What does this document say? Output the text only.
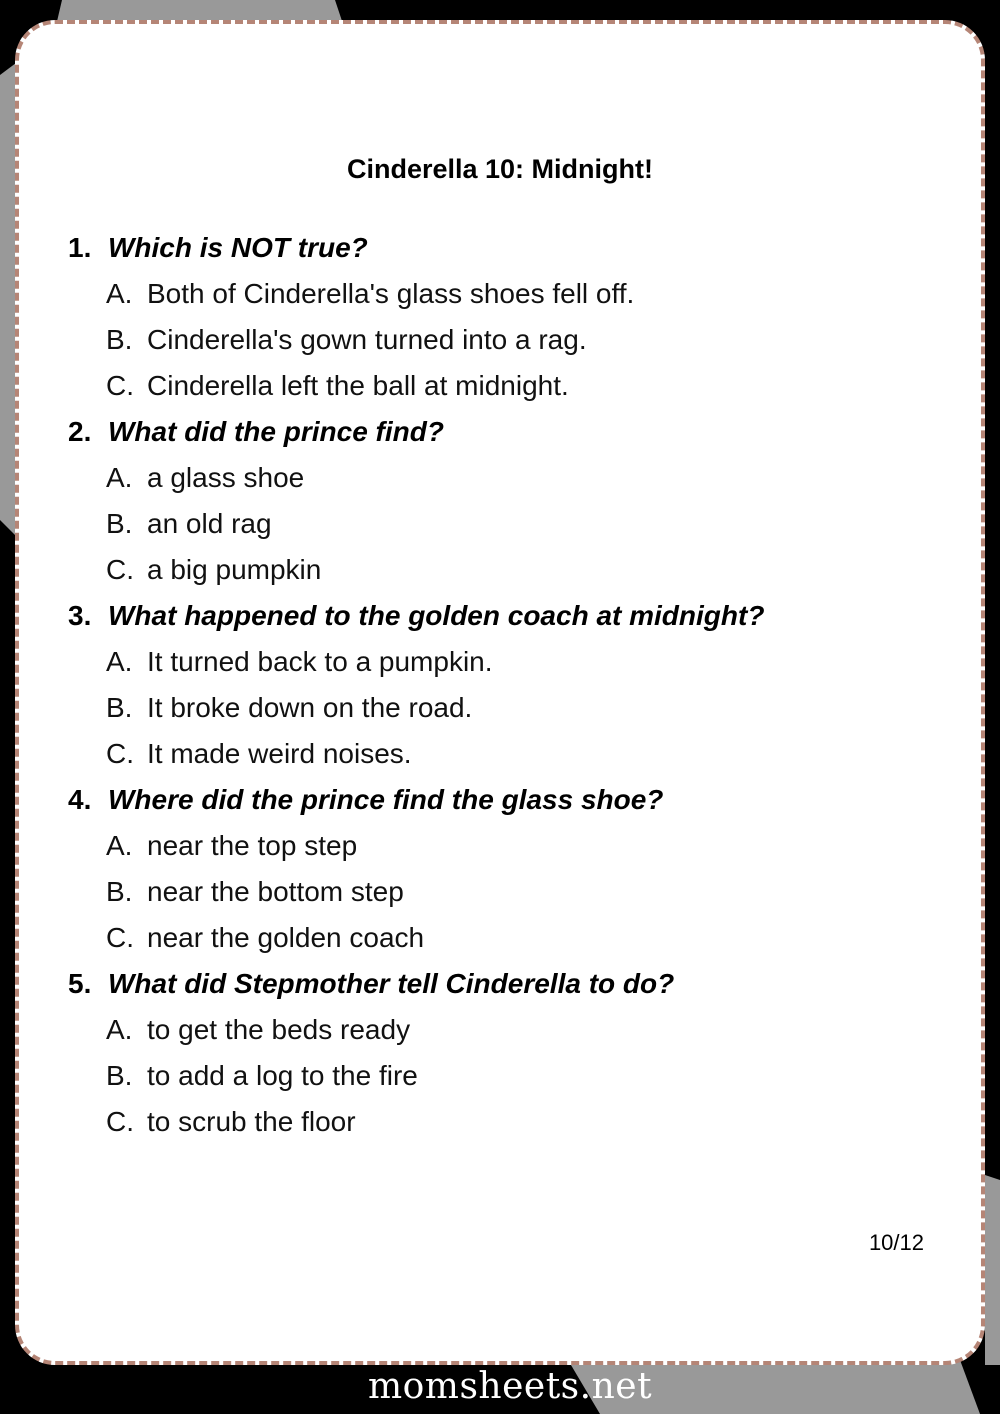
Cinderella 10: Midnight!
1. Which is NOT true?
A. Both of Cinderella's glass shoes fell off.
B. Cinderella's gown turned into a rag.
C. Cinderella left the ball at midnight.
2. What did the prince find?
A. a glass shoe
B. an old rag
C. a big pumpkin
3. What happened to the golden coach at midnight?
A. It turned back to a pumpkin.
B. It broke down on the road.
C. It made weird noises.
4. Where did the prince find the glass shoe?
A. near the top step
B. near the bottom step
C. near the golden coach
5. What did Stepmother tell Cinderella to do?
A. to get the beds ready
B. to add a log to the fire
C. to scrub the floor
10/12
momsheets.net
